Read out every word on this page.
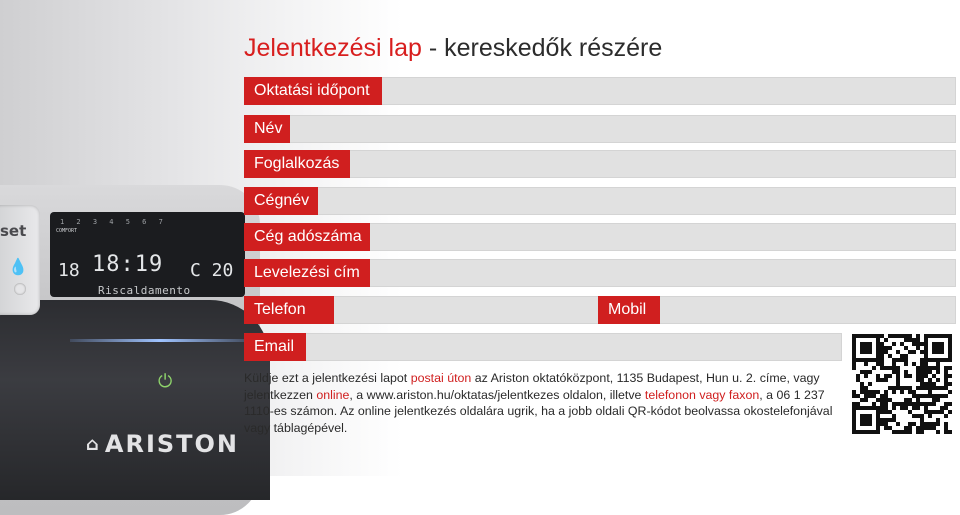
set
💧
1 2 3 4 5 6 7
COMFORT
18 18:19 C 20
Riscaldamento
⏻
⌂ ARISTON
Jelentkezési lap - kereskedők részére
Oktatási időpont
Név
Foglalkozás
Cégnév
Cég adószáma
Levelezési cím
Telefon	Mobil
Email

Küldje ezt a jelentkezési lapot postai úton az Ariston oktatóközpont, 1135 Budapest, Hun u. 2. címe, vagy jelentkezzen online, a www.ariston.hu/oktatas/jelentkezes oldalon, illetve telefonon vagy faxon, a 06 1 237 1110-es számon. Az online jelentkezés oldalára ugrik, ha a jobb oldali QR-kódot beolvassa okostelefonjával vagy táblagépével.
